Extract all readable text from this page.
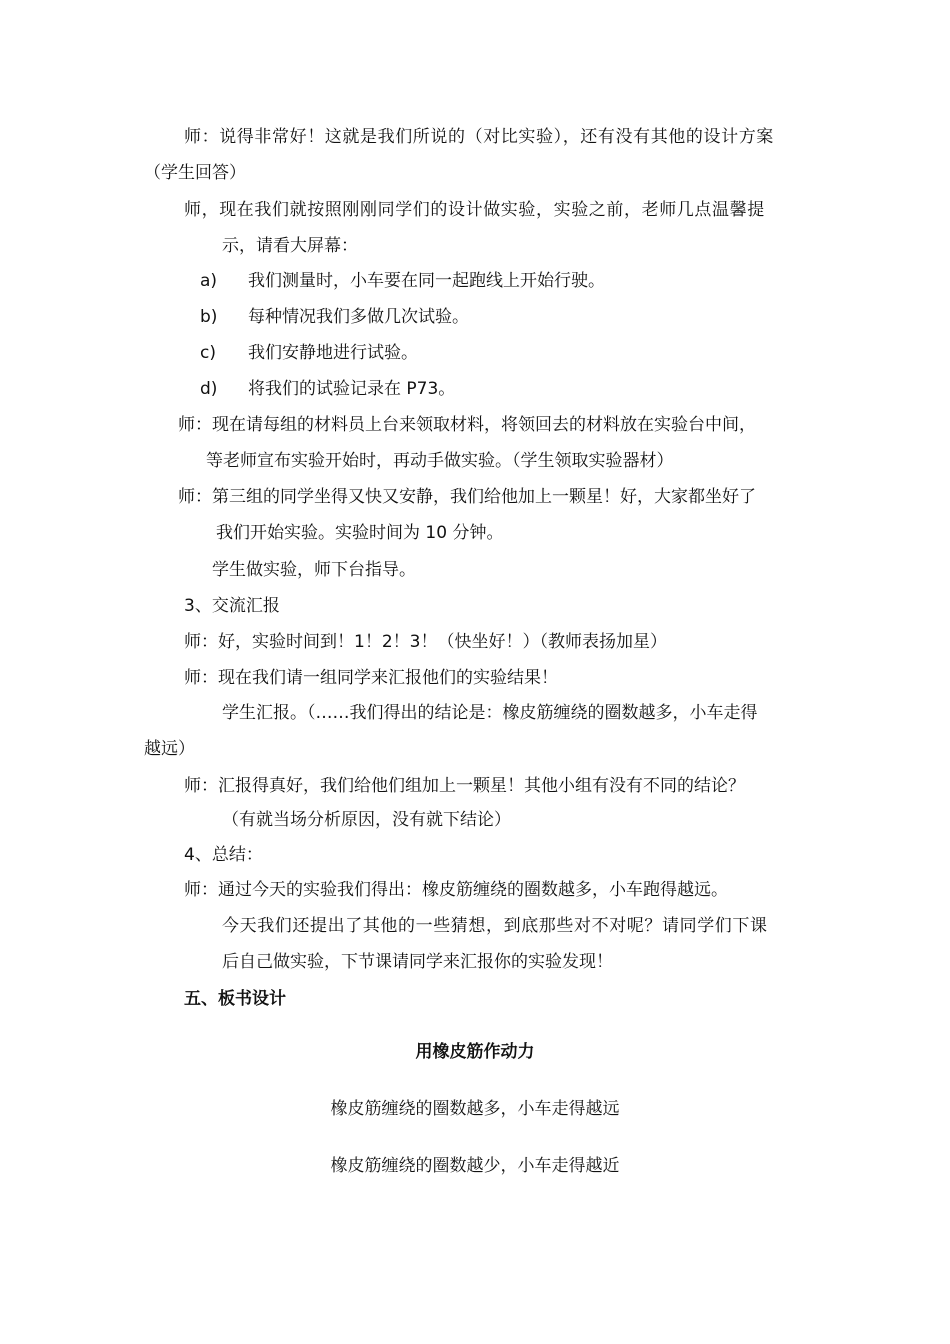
师：说得非常好！这就是我们所说的（对比实验），还有没有其他的设计方案
（学生回答）
师，现在我们就按照刚刚同学们的设计做实验，实验之前，老师几点温馨提
示，请看大屏幕：
a) 我们测量时，小车要在同一起跑线上开始行驶。
b) 每种情况我们多做几次试验。
c) 我们安静地进行试验。
d) 将我们的试验记录在 P73。
师：现在请每组的材料员上台来领取材料，将领回去的材料放在实验台中间，
等老师宣布实验开始时，再动手做实验。（学生领取实验器材）
师：第三组的同学坐得又快又安静，我们给他加上一颗星！好，大家都坐好了
我们开始实验。实验时间为 10 分钟。
学生做实验，师下台指导。
3、交流汇报
师：好，实验时间到！1！2！3！（快坐好！）（教师表扬加星）
师：现在我们请一组同学来汇报他们的实验结果！
学生汇报。（……我们得出的结论是：橡皮筋缠绕的圈数越多，小车走得
越远）
师：汇报得真好，我们给他们组加上一颗星！其他小组有没有不同的结论？
（有就当场分析原因，没有就下结论）
4、总结：
师：通过今天的实验我们得出：橡皮筋缠绕的圈数越多，小车跑得越远。
今天我们还提出了其他的一些猜想，到底那些对不对呢？请同学们下课
后自己做实验，下节课请同学来汇报你的实验发现！
五、板书设计
用橡皮筋作动力
橡皮筋缠绕的圈数越多，小车走得越远
橡皮筋缠绕的圈数越少，小车走得越近
